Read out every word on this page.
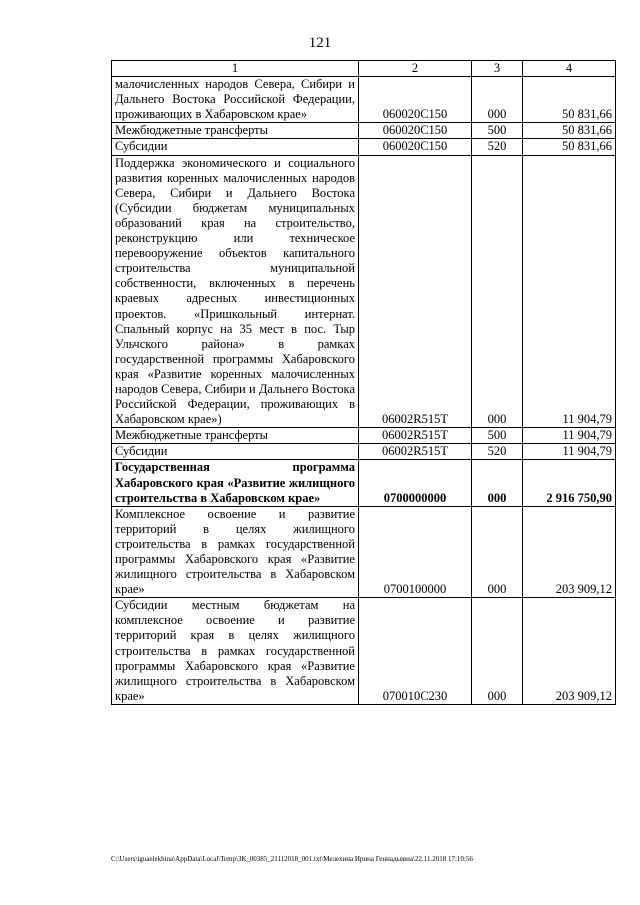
121
1	2	3	4
малочисленных народов Севера, Сибири и Дальнего Востока Российской Федерации, проживающих в Хабаровском крае»	060020С150	000	50 831,66
Межбюджетные трансферты	060020С150	500	50 831,66
Субсидии	060020С150	520	50 831,66
Поддержка экономического и социального развития коренных малочисленных народов Севера, Сибири и Дальнего Востока (Субсидии бюджетам муниципальных образований края на строительство, реконструкцию или техническое перевооружение объектов капитального строительства муниципальной собственности, включенных в перечень краевых адресных инвестиционных проектов. «Пришкольный интернат. Спальный корпус на 35 мест в пос. Тыр Ульчского района» в рамках государственной программы Хабаровского края «Развитие коренных малочисленных народов Севера, Сибири и Дальнего Востока Российской Федерации, проживающих в Хабаровском крае»)	06002R515T	000	11 904,79
Межбюджетные трансферты	06002R515T	500	11 904,79
Субсидии	06002R515T	520	11 904,79
Государственная программа Хабаровского края «Развитие жилищного строительства в Хабаровском крае»	0700000000	000	2 916 750,90
Комплексное освоение и развитие территорий в целях жилищного строительства в рамках государственной программы Хабаровского края «Развитие жилищного строительства в Хабаровском крае»	0700100000	000	203 909,12
Субсидии местным бюджетам на комплексное освоение и развитие территорий края в целях жилищного строительства в рамках государственной программы Хабаровского края «Развитие жилищного строительства в Хабаровском крае»	070010С230	000	203 909,12
C:\Users\iguaelekhina\AppData\Local\Temp\ЗК_00385_21112018_001.txt\Мелехина Ирина Геннадьевна\22.11.2018 17:10:56
